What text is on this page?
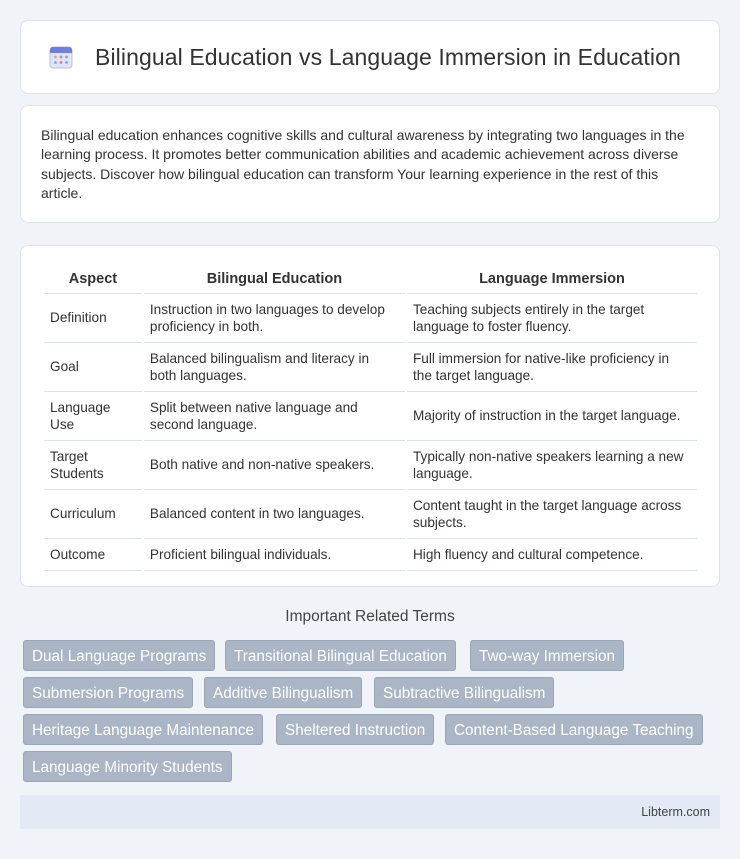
Bilingual Education vs Language Immersion in Education

Bilingual education enhances cognitive skills and cultural awareness by integrating two languages in the learning process. It promotes better communication abilities and academic achievement across diverse subjects. Discover how bilingual education can transform Your learning experience in the rest of this article.

Aspect	Bilingual Education	Language Immersion
Definition	Instruction in two languages to develop proficiency in both.	Teaching subjects entirely in the target language to foster fluency.
Goal	Balanced bilingualism and literacy in both languages.	Full immersion for native-like proficiency in the target language.
Language Use	Split between native language and second language.	Majority of instruction in the target language.
Target Students	Both native and non-native speakers.	Typically non-native speakers learning a new language.
Curriculum	Balanced content in two languages.	Content taught in the target language across subjects.
Outcome	Proficient bilingual individuals.	High fluency and cultural competence.
Important Related Terms
Dual Language Programs	Transitional Bilingual Education	Two-way Immersion
Submersion Programs	Additive Bilingualism	Subtractive Bilingualism
Heritage Language Maintenance	Sheltered Instruction	Content-Based Language Teaching
Language Minority Students
Libterm.com
